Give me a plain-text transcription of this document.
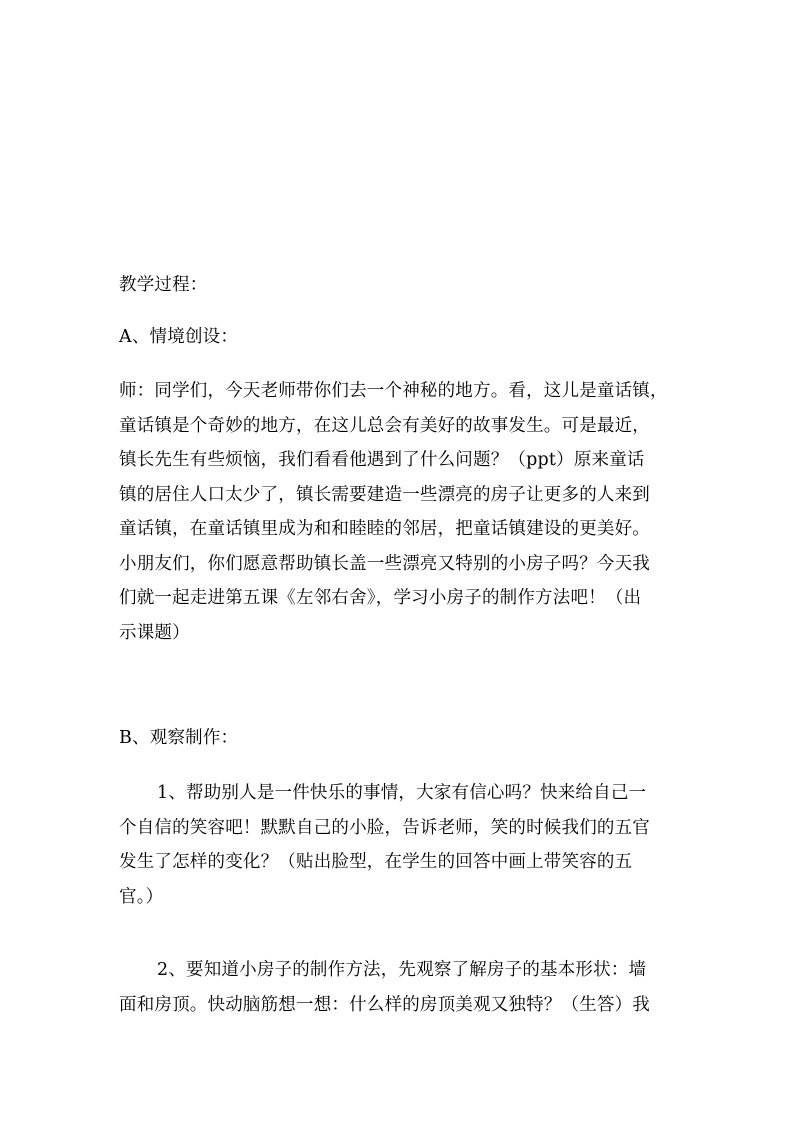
教学过程：

A、情境创设：

师：同学们，今天老师带你们去一个神秘的地方。看，这儿是童话镇，
童话镇是个奇妙的地方，在这儿总会有美好的故事发生。可是最近，
镇长先生有些烦恼，我们看看他遇到了什么问题？（ppt）原来童话
镇的居住人口太少了，镇长需要建造一些漂亮的房子让更多的人来到
童话镇，在童话镇里成为和和睦睦的邻居，把童话镇建设的更美好。
小朋友们，你们愿意帮助镇长盖一些漂亮又特别的小房子吗？今天我
们就一起走进第五课《左邻右舍》，学习小房子的制作方法吧！（出
示课题）

B、观察制作：

1、帮助别人是一件快乐的事情，大家有信心吗？快来给自己一
个自信的笑容吧！默默自己的小脸，告诉老师，笑的时候我们的五官
发生了怎样的变化？（贴出脸型，在学生的回答中画上带笑容的五
官。）

2、要知道小房子的制作方法，先观察了解房子的基本形状：墙
面和房顶。快动脑筋想一想：什么样的房顶美观又独特？（生答）我
